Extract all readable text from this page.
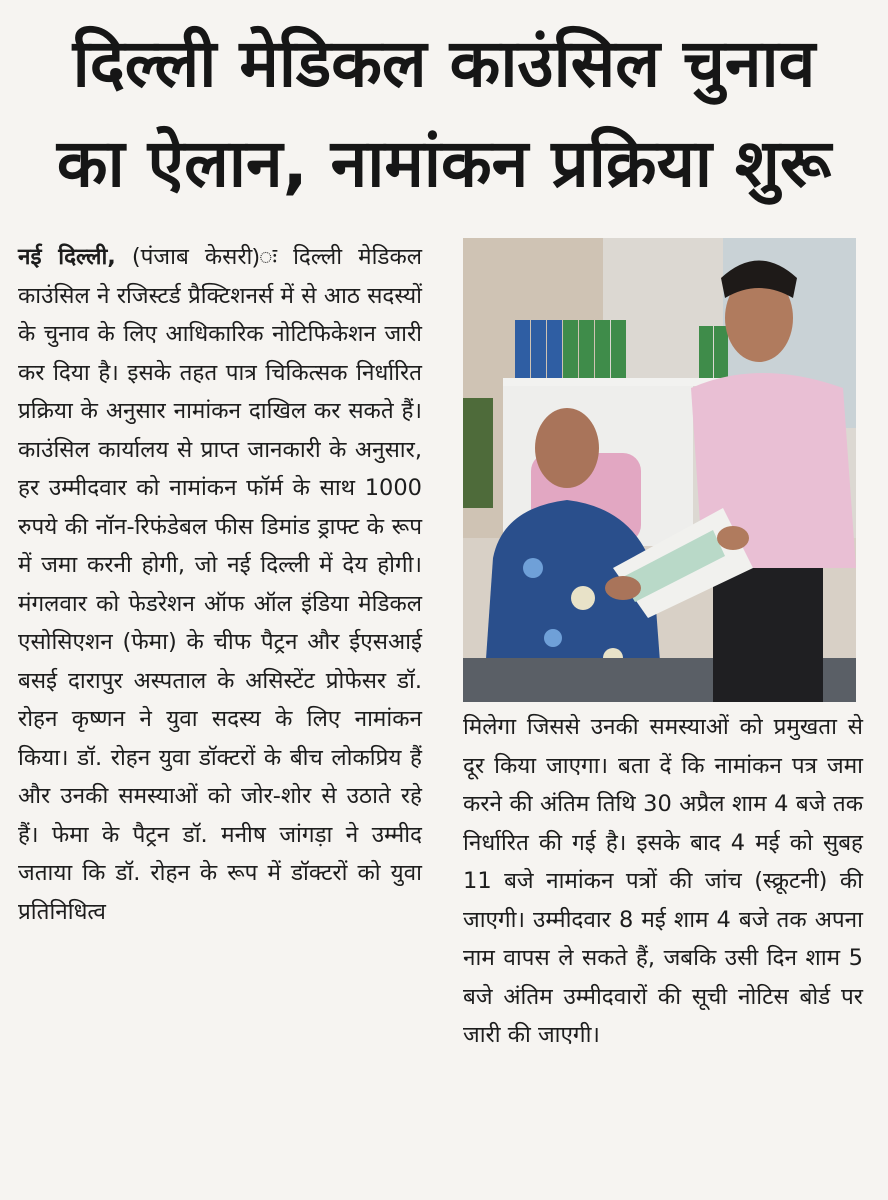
दिल्ली मेडिकल काउंसिल चुनाव
का ऐलान, नामांकन प्रक्रिया शुरू

नई दिल्ली, (पंजाब केसरी)ः दिल्ली मेडिकल काउंसिल ने रजिस्टर्ड प्रैक्टिशनर्स में से आठ सदस्यों के चुनाव के लिए आधिकारिक नोटिफिकेशन जारी कर दिया है। इसके तहत पात्र चिकित्सक निर्धारित प्रक्रिया के अनुसार नामांकन दाखिल कर सकते हैं। काउंसिल कार्यालय से प्राप्त जानकारी के अनुसार, हर उम्मीदवार को नामांकन फॉर्म के साथ 1000 रुपये की नॉन-रिफंडेबल फीस डिमांड ड्राफ्ट के रूप में जमा करनी होगी, जो नई दिल्ली में देय होगी। मंगलवार को फेडरेशन ऑफ ऑल इंडिया मेडिकल एसोसिएशन (फेमा) के चीफ पैट्रन और ईएसआई बसई दारापुर अस्पताल के असिस्टेंट प्रोफेसर डॉ. रोहन कृष्णन ने युवा सदस्य के लिए नामांकन किया। डॉ. रोहन युवा डॉक्टरों के बीच लोकप्रिय हैं और उनकी समस्याओं को जोर-शोर से उठाते रहे हैं। फेमा के पैट्रन डॉ. मनीष जांगड़ा ने उम्मीद जताया कि डॉ. रोहन के रूप में डॉक्टरों को युवा प्रतिनिधित्व

मिलेगा जिससे उनकी समस्याओं को प्रमुखता से दूर किया जाएगा। बता दें कि नामांकन पत्र जमा करने की अंतिम तिथि 30 अप्रैल शाम 4 बजे तक निर्धारित की गई है। इसके बाद 4 मई को सुबह 11 बजे नामांकन पत्रों की जांच (स्क्रूटनी) की जाएगी। उम्मीदवार 8 मई शाम 4 बजे तक अपना नाम वापस ले सकते हैं, जबकि उसी दिन शाम 5 बजे अंतिम उम्मीदवारों की सूची नोटिस बोर्ड पर जारी की जाएगी।
